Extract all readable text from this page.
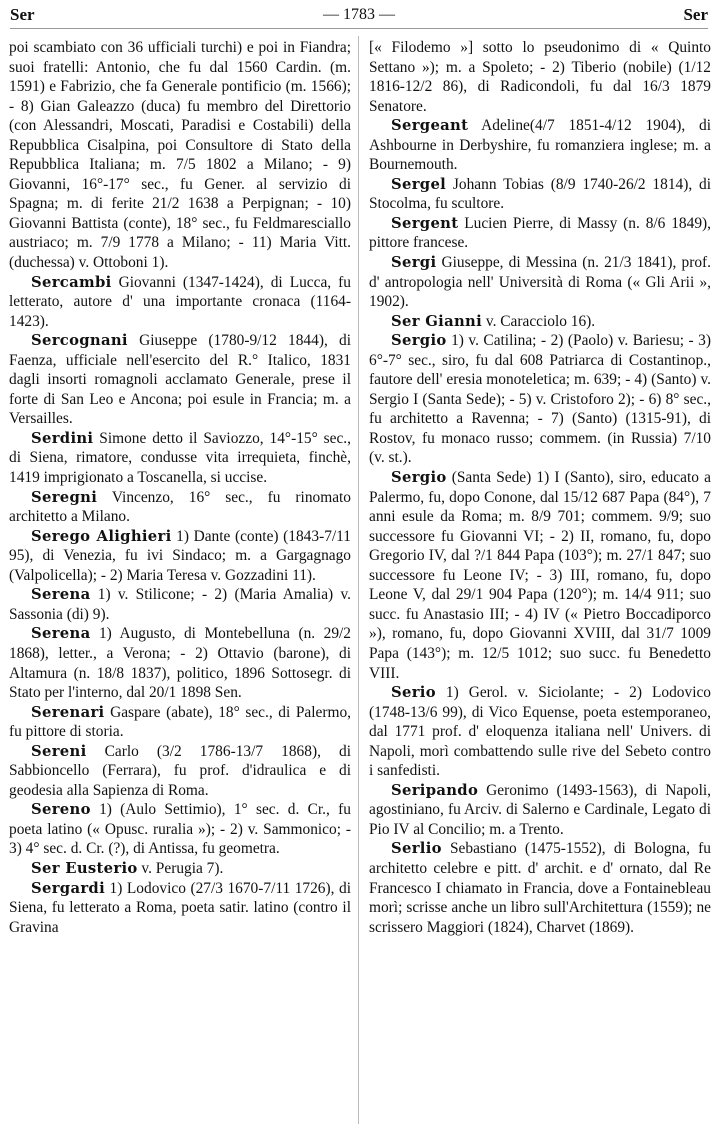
Ser	— 1783 —	Ser

poi scambiato con 36 ufficiali turchi) e poi in Fiandra; suoi fratelli: Antonio, che fu dal 1560 Cardin. (m. 1591) e Fabrizio, che fa Generale pontificio (m. 1566); - 8) Gian Galeazzo (duca) fu membro del Direttorio (con Alessandri, Moscati, Paradisi e Costabili) della Repubblica Cisalpina, poi Consultore di Stato della Repubblica Italiana; m. 7/5 1802 a Milano; - 9) Giovanni, 16°-17° sec., fu Gener. al servizio di Spagna; m. di ferite 21/2 1638 a Perpignan; - 10) Giovanni Battista (conte), 18° sec., fu Feldmaresciallo austriaco; m. 7/9 1778 a Milano; - 11) Maria Vitt. (duchessa) v. Ottoboni 1).

Sercambi Giovanni (1347-1424), di Lucca, fu letterato, autore d' una importante cronaca (1164-1423).

Sercognani Giuseppe (1780-9/12 1844), di Faenza, ufficiale nell'esercito del R.° Italico, 1831 dagli insorti romagnoli acclamato Generale, prese il forte di San Leo e Ancona; poi esule in Francia; m. a Versailles.

Serdini Simone detto il Saviozzo, 14°-15° sec., di Siena, rimatore, condusse vita irrequieta, finchè, 1419 imprigionato a Toscanella, si uccise.

Seregni Vincenzo, 16° sec., fu rinomato architetto a Milano.

Serego Alighieri 1) Dante (conte) (1843-7/11 95), di Venezia, fu ivi Sindaco; m. a Gargagnago (Valpolicella); - 2) Maria Teresa v. Gozzadini 11).

Serena 1) v. Stilicone; - 2) (Maria Amalia) v. Sassonia (di) 9).

Serena 1) Augusto, di Montebelluna (n. 29/2 1868), letter., a Verona; - 2) Ottavio (barone), di Altamura (n. 18/8 1837), politico, 1896 Sottosegr. di Stato per l'interno, dal 20/1 1898 Sen.

Serenari Gaspare (abate), 18° sec., di Palermo, fu pittore di storia.

Sereni Carlo (3/2 1786-13/7 1868), di Sabbioncello (Ferrara), fu prof. d'idraulica e di geodesia alla Sapienza di Roma.

Sereno 1) (Aulo Settimio), 1° sec. d. Cr., fu poeta latino (« Opusc. ruralia »); - 2) v. Sammonico; - 3) 4° sec. d. Cr. (?), di Antissa, fu geometra.

Ser Eusterio v. Perugia 7).

Sergardi 1) Lodovico (27/3 1670-7/11 1726), di Siena, fu letterato a Roma, poeta satir. latino (contro il Gravina

[« Filodemo »] sotto lo pseudonimo di « Quinto Settano »); m. a Spoleto; - 2) Tiberio (nobile) (1/12 1816-12/2 86), di Radicondoli, fu dal 16/3 1879 Senatore.

Sergeant Adeline(4/7 1851-4/12 1904), di Ashbourne in Derbyshire, fu romanziera inglese; m. a Bournemouth.

Sergel Johann Tobias (8/9 1740-26/2 1814), di Stocolma, fu scultore.

Sergent Lucien Pierre, di Massy (n. 8/6 1849), pittore francese.

Sergi Giuseppe, di Messina (n. 21/3 1841), prof. d' antropologia nell' Università di Roma (« Gli Arii », 1902).

Ser Gianni v. Caracciolo 16).

Sergio 1) v. Catilina; - 2) (Paolo) v. Bariesu; - 3) 6°-7° sec., siro, fu dal 608 Patriarca di Costantinop., fautore dell' eresia monoteletica; m. 639; - 4) (Santo) v. Sergio I (Santa Sede); - 5) v. Cristoforo 2); - 6) 8° sec., fu architetto a Ravenna; - 7) (Santo) (1315-91), di Rostov, fu monaco russo; commem. (in Russia) 7/10 (v. st.).

Sergio (Santa Sede) 1) I (Santo), siro, educato a Palermo, fu, dopo Conone, dal 15/12 687 Papa (84°), 7 anni esule da Roma; m. 8/9 701; commem. 9/9; suo successore fu Giovanni VI; - 2) II, romano, fu, dopo Gregorio IV, dal ?/1 844 Papa (103°); m. 27/1 847; suo successore fu Leone IV; - 3) III, romano, fu, dopo Leone V, dal 29/1 904 Papa (120°); m. 14/4 911; suo succ. fu Anastasio III; - 4) IV (« Pietro Boccadiporco »), romano, fu, dopo Giovanni XVIII, dal 31/7 1009 Papa (143°); m. 12/5 1012; suo succ. fu Benedetto VIII.

Serio 1) Gerol. v. Siciolante; - 2) Lodovico (1748-13/6 99), di Vico Equense, poeta estemporaneo, dal 1771 prof. d' eloquenza italiana nell' Univers. di Napoli, morì combattendo sulle rive del Sebeto contro i sanfedisti.

Seripando Geronimo (1493-1563), di Napoli, agostiniano, fu Arciv. di Salerno e Cardinale, Legato di Pio IV al Concilio; m. a Trento.

Serlio Sebastiano (1475-1552), di Bologna, fu architetto celebre e pitt. d' archit. e d' ornato, dal Re Francesco I chiamato in Francia, dove a Fontainebleau morì; scrisse anche un libro sull'Architettura (1559); ne scrissero Maggiori (1824), Charvet (1869).
